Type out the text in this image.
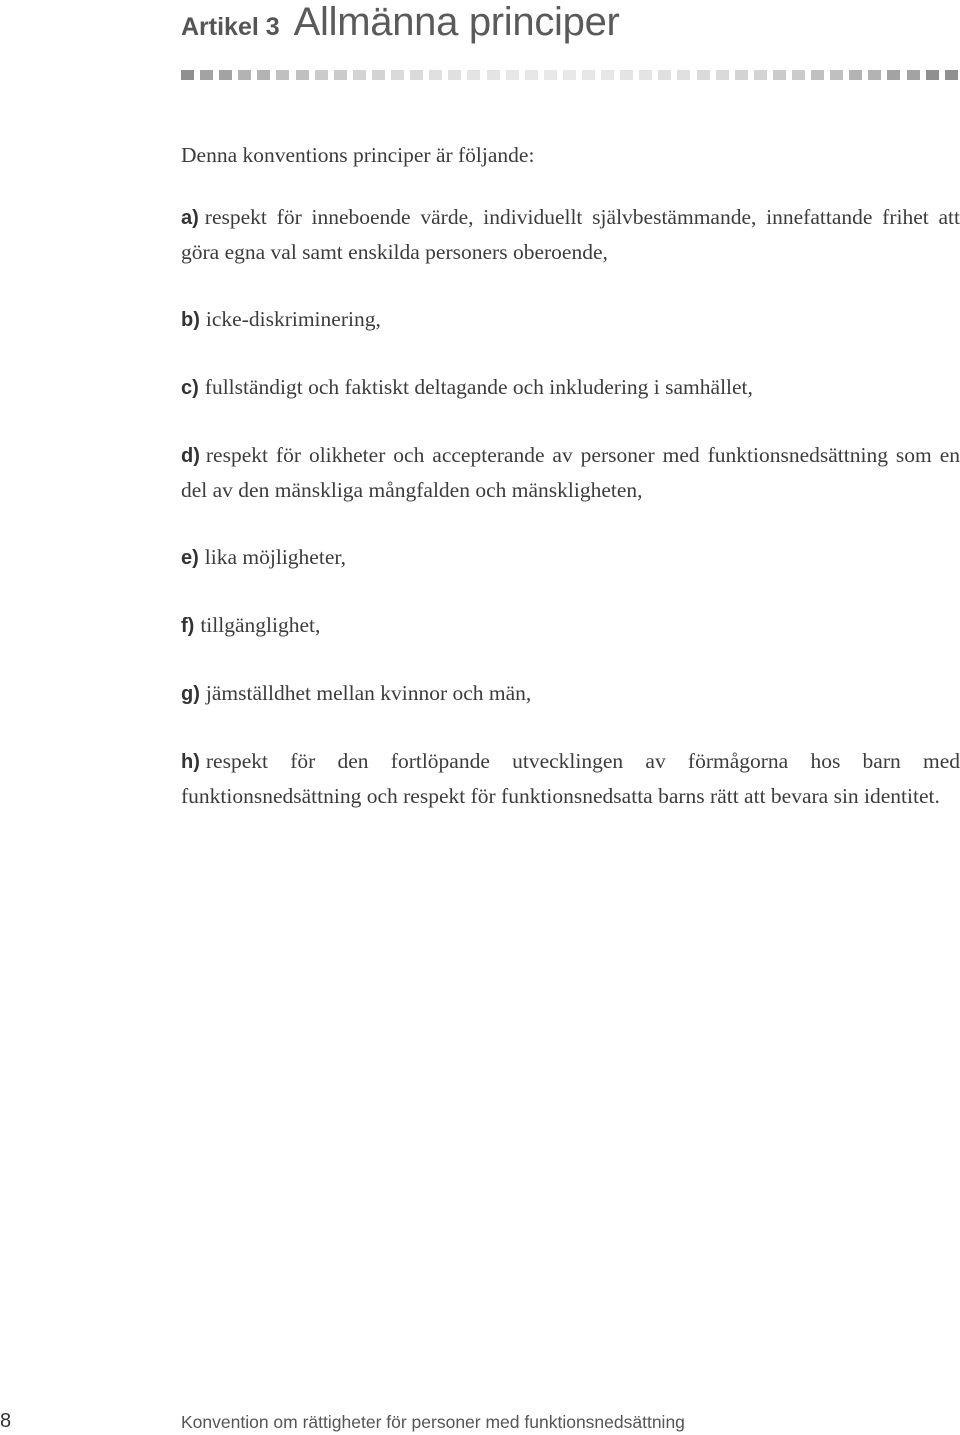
Artikel 3 Allmänna principer

Denna konventions principer är följande:

a) respekt för inneboende värde, individuellt självbestämmande, innefattande frihet att göra egna val samt enskilda personers oberoende,

b) icke-diskriminering,

c) fullständigt och faktiskt deltagande och inkludering i samhället,

d) respekt för olikheter och accepterande av personer med funktionsnedsättning som en del av den mänskliga mångfalden och mänskligheten,

e) lika möjligheter,

f) tillgänglighet,

g) jämställdhet mellan kvinnor och män,

h) respekt för den fortlöpande utvecklingen av förmågorna hos barn med funktionsnedsättning och respekt för funktionsnedsatta barns rätt att bevara sin identitet.

8	Konvention om rättigheter för personer med funktionsnedsättning
